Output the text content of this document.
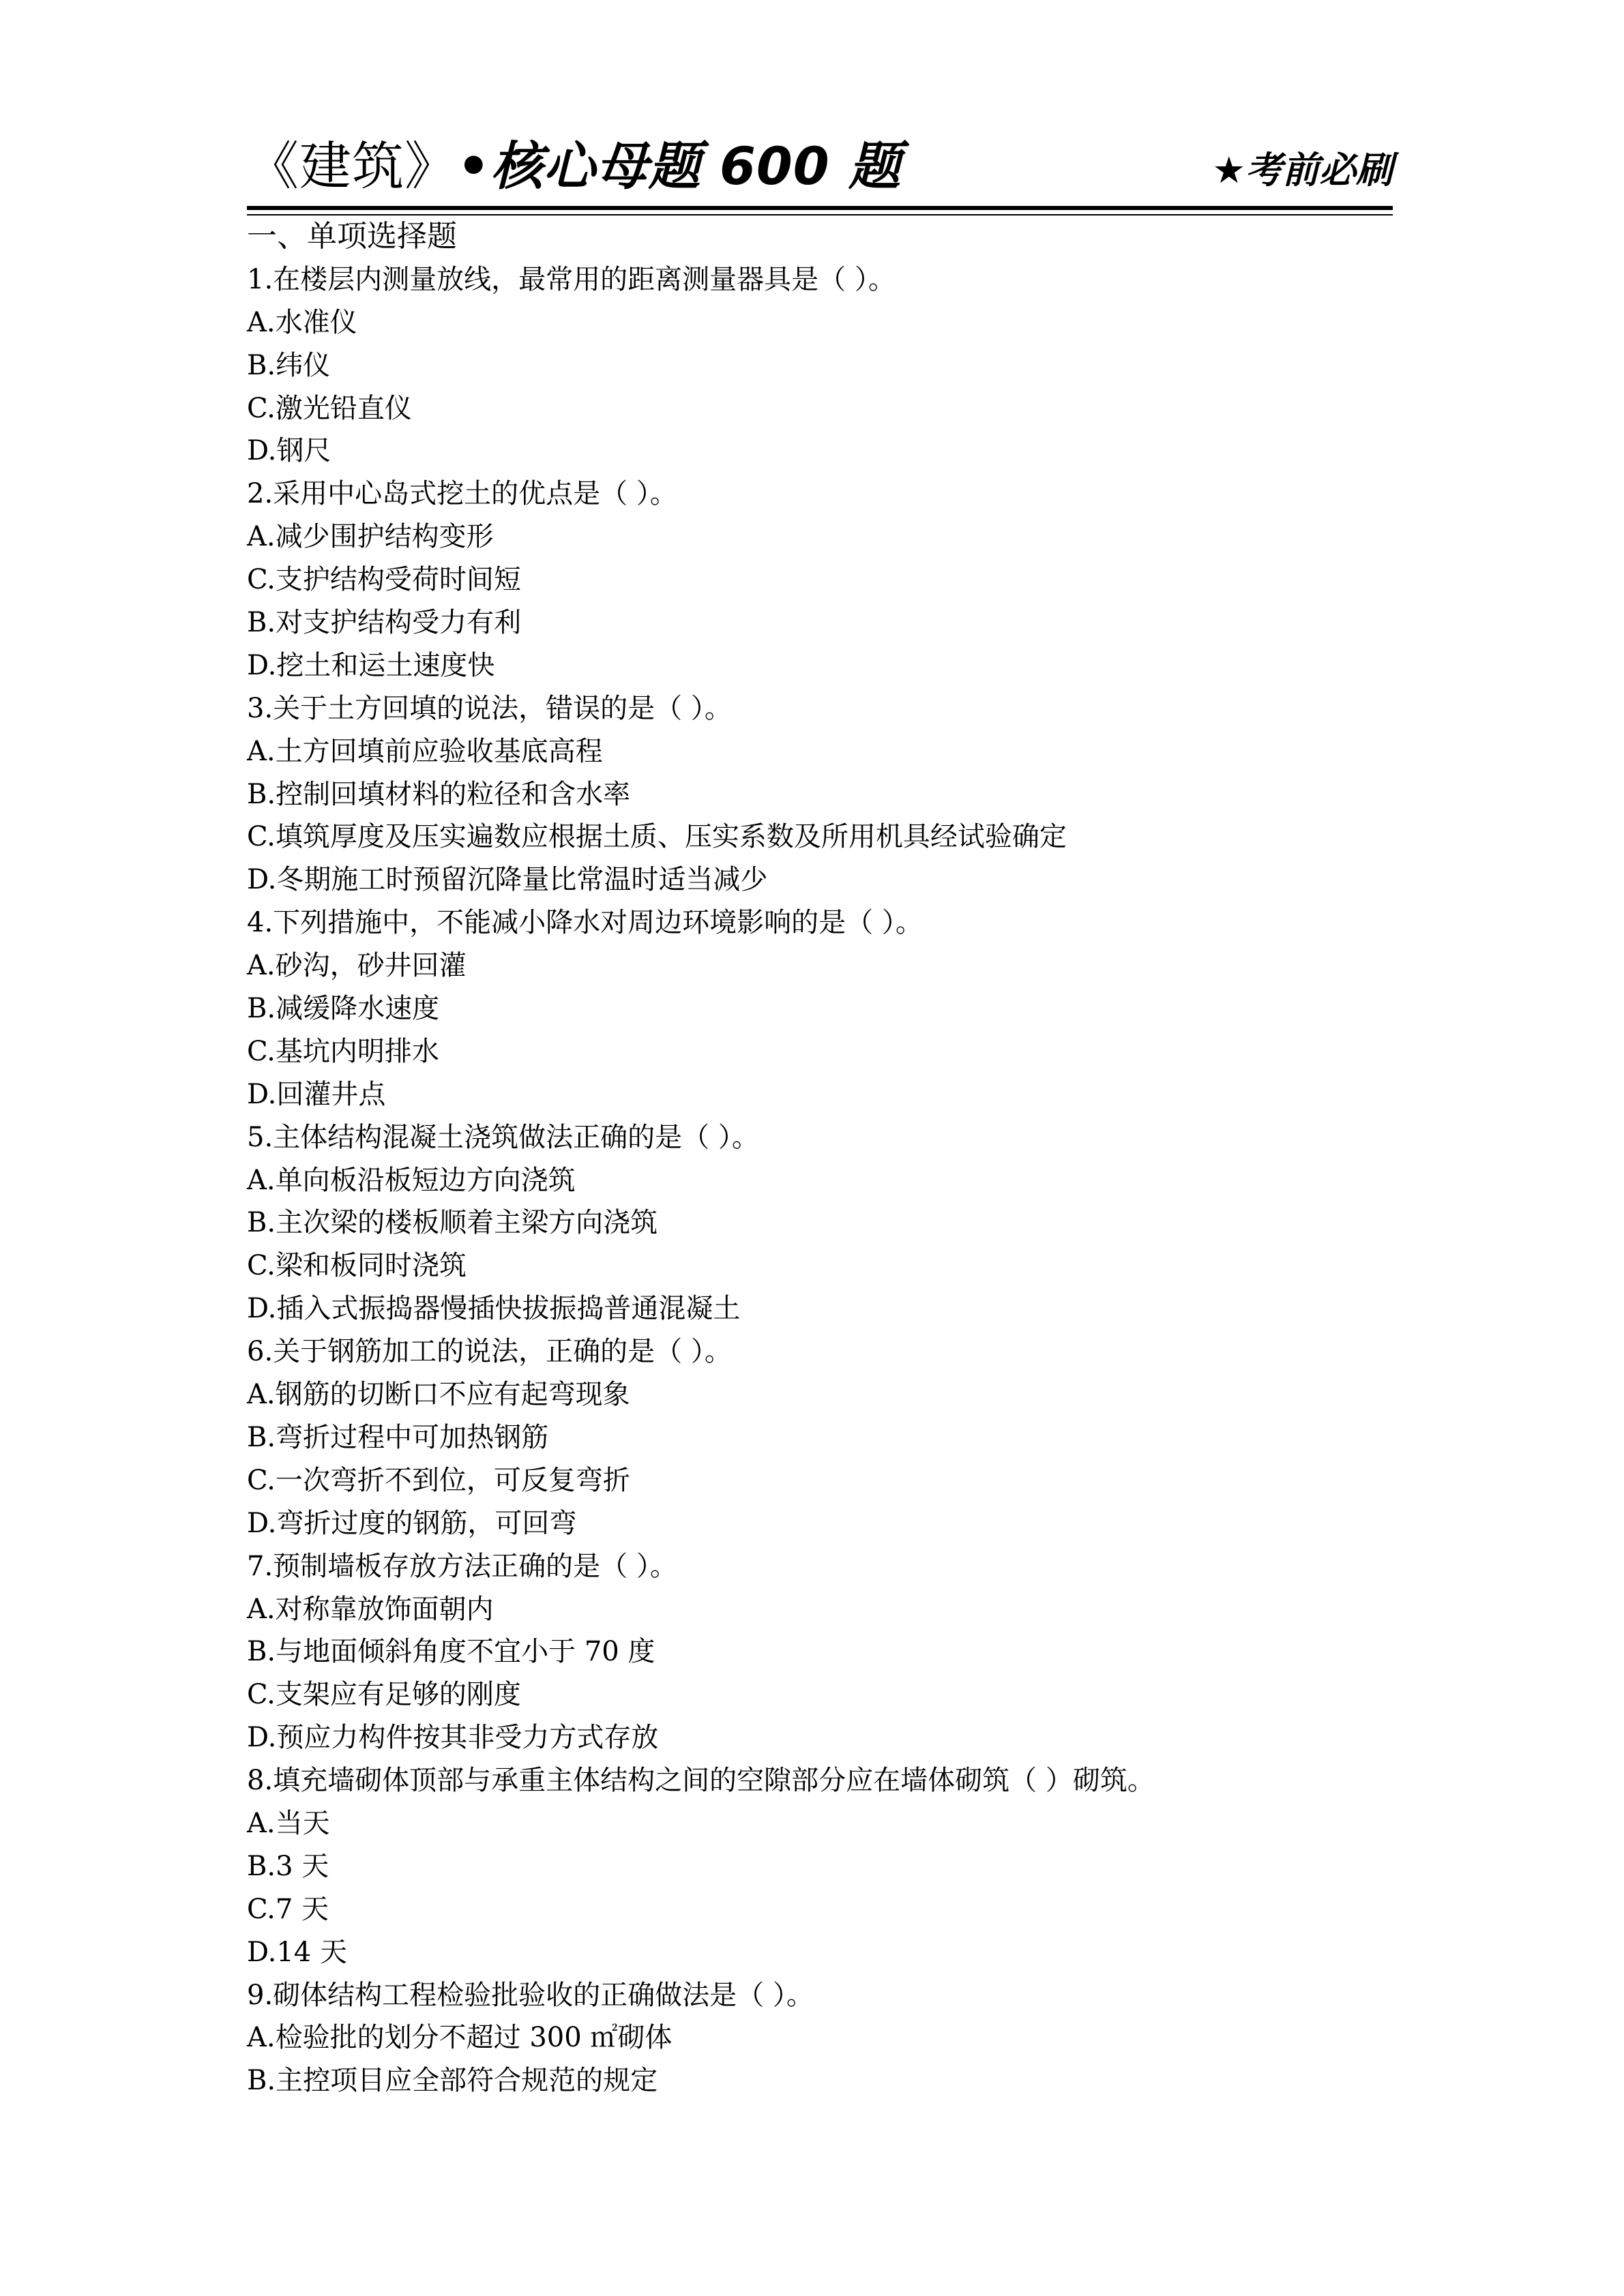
《建筑》•核心母题 600 题	★考前必刷
一、单项选择题
1.在楼层内测量放线，最常用的距离测量器具是（ ）。
A.水准仪
B.纬仪
C.激光铅直仪
D.钢尺
2.采用中心岛式挖土的优点是（ ）。
A.减少围护结构变形
C.支护结构受荷时间短
B.对支护结构受力有利
D.挖土和运土速度快
3.关于土方回填的说法，错误的是（ ）。
A.土方回填前应验收基底高程
B.控制回填材料的粒径和含水率
C.填筑厚度及压实遍数应根据土质、压实系数及所用机具经试验确定
D.冬期施工时预留沉降量比常温时适当减少
4.下列措施中，不能减小降水对周边环境影响的是（ ）。
A.砂沟，砂井回灌
B.减缓降水速度
C.基坑内明排水
D.回灌井点
5.主体结构混凝土浇筑做法正确的是（ ）。
A.单向板沿板短边方向浇筑
B.主次梁的楼板顺着主梁方向浇筑
C.梁和板同时浇筑
D.插入式振捣器慢插快拔振捣普通混凝土
6.关于钢筋加工的说法，正确的是（ ）。
A.钢筋的切断口不应有起弯现象
B.弯折过程中可加热钢筋
C.一次弯折不到位，可反复弯折
D.弯折过度的钢筋，可回弯
7.预制墙板存放方法正确的是（ ）。
A.对称靠放饰面朝内
B.与地面倾斜角度不宜小于 70 度
C.支架应有足够的刚度
D.预应力构件按其非受力方式存放
8.填充墙砌体顶部与承重主体结构之间的空隙部分应在墙体砌筑（ ）砌筑。
A.当天
B.3 天
C.7 天
D.14 天
9.砌体结构工程检验批验收的正确做法是（ ）。
A.检验批的划分不超过 300 ㎡砌体
B.主控项目应全部符合规范的规定
